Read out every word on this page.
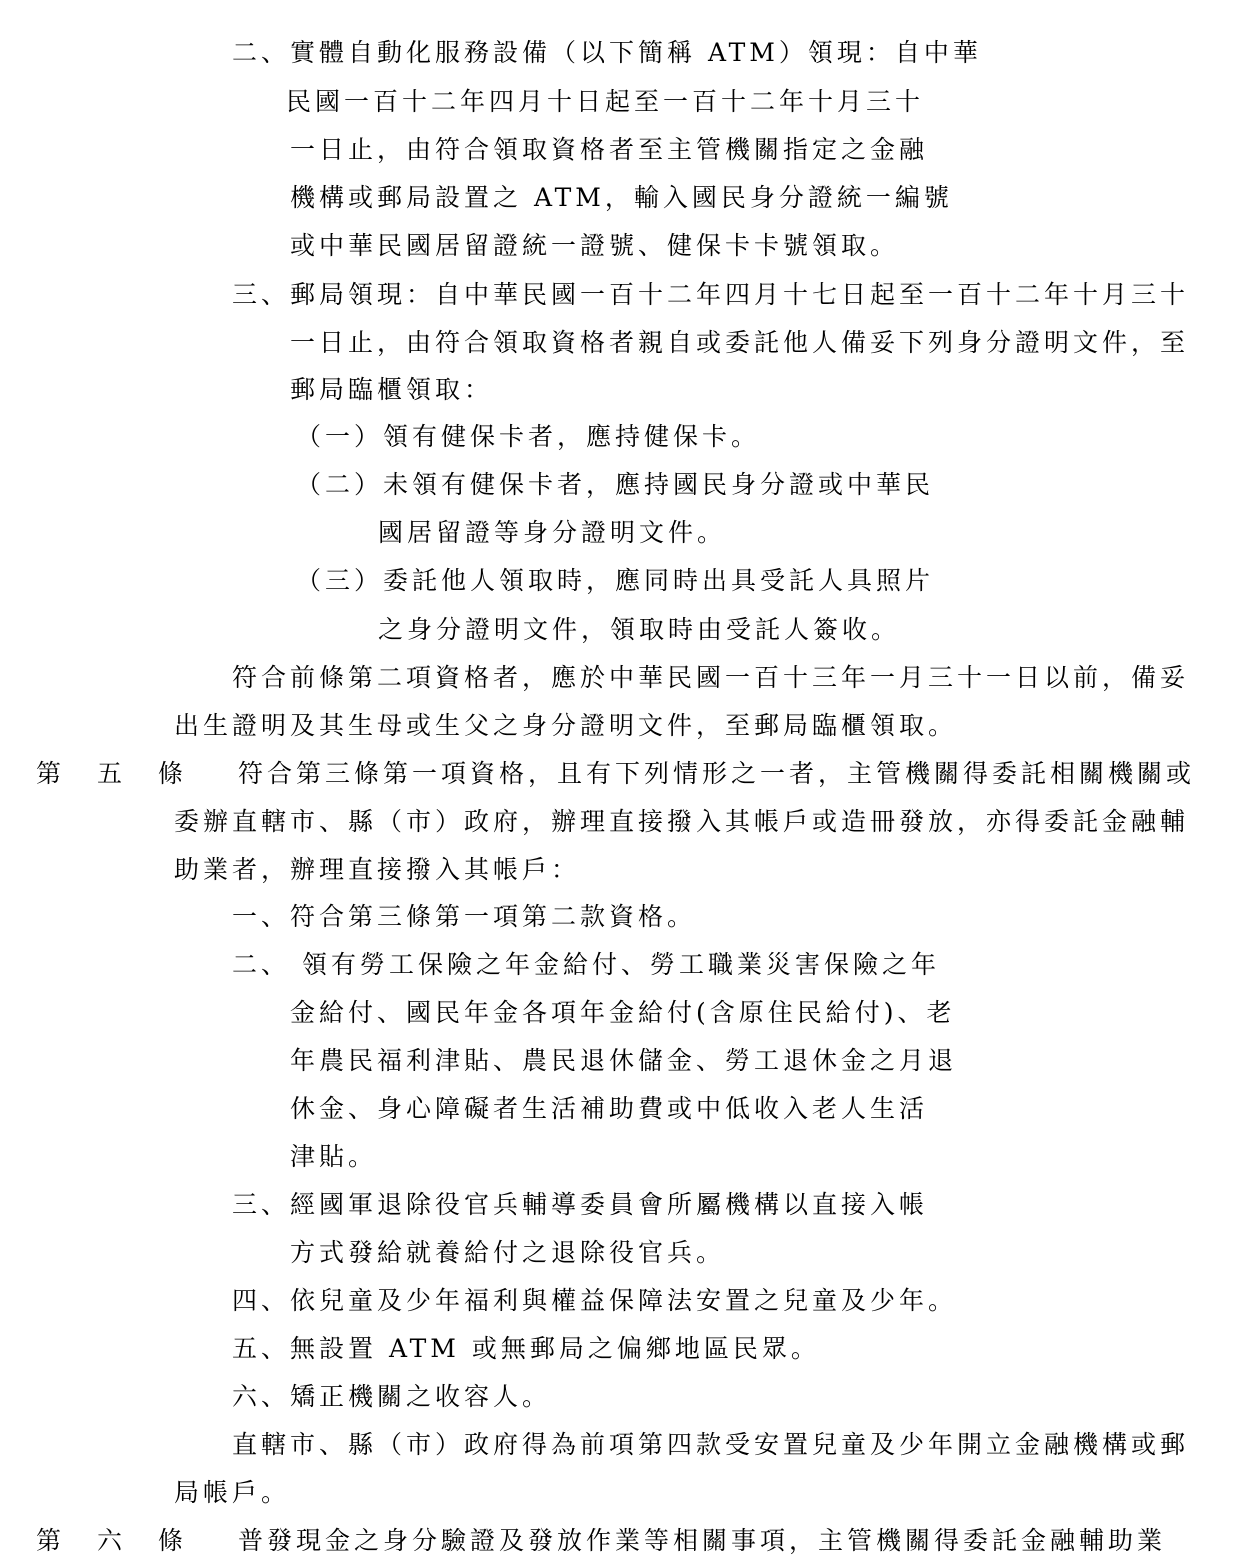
二、實體自動化服務設備（以下簡稱 ATM）領現：自中華
民國一百十二年四月十日起至一百十二年十月三十
一日止，由符合領取資格者至主管機關指定之金融
機構或郵局設置之 ATM，輸入國民身分證統一編號
或中華民國居留證統一證號、健保卡卡號領取。
三、郵局領現：自中華民國一百十二年四月十七日起至一百十二年十月三十
一日止，由符合領取資格者親自或委託他人備妥下列身分證明文件，至
郵局臨櫃領取：
（一）領有健保卡者，應持健保卡。
（二）未領有健保卡者，應持國民身分證或中華民
國居留證等身分證明文件。
（三）委託他人領取時，應同時出具受託人具照片
之身分證明文件，領取時由受託人簽收。
符合前條第二項資格者，應於中華民國一百十三年一月三十一日以前，備妥
出生證明及其生母或生父之身分證明文件，至郵局臨櫃領取。
第 五 條 符合第三條第一項資格，且有下列情形之一者，主管機關得委託相關機關或
委辦直轄市、縣（市）政府，辦理直接撥入其帳戶或造冊發放，亦得委託金融輔
助業者，辦理直接撥入其帳戶：
一、符合第三條第一項第二款資格。
二、 領有勞工保險之年金給付、勞工職業災害保險之年
金給付、國民年金各項年金給付(含原住民給付)、老
年農民福利津貼、農民退休儲金、勞工退休金之月退
休金、身心障礙者生活補助費或中低收入老人生活
津貼。
三、經國軍退除役官兵輔導委員會所屬機構以直接入帳
方式發給就養給付之退除役官兵。
四、依兒童及少年福利與權益保障法安置之兒童及少年。
五、無設置 ATM 或無郵局之偏鄉地區民眾。
六、矯正機關之收容人。
直轄市、縣（市）政府得為前項第四款受安置兒童及少年開立金融機構或郵
局帳戶。
第 六 條 普發現金之身分驗證及發放作業等相關事項，主管機關得委託金融輔助業
